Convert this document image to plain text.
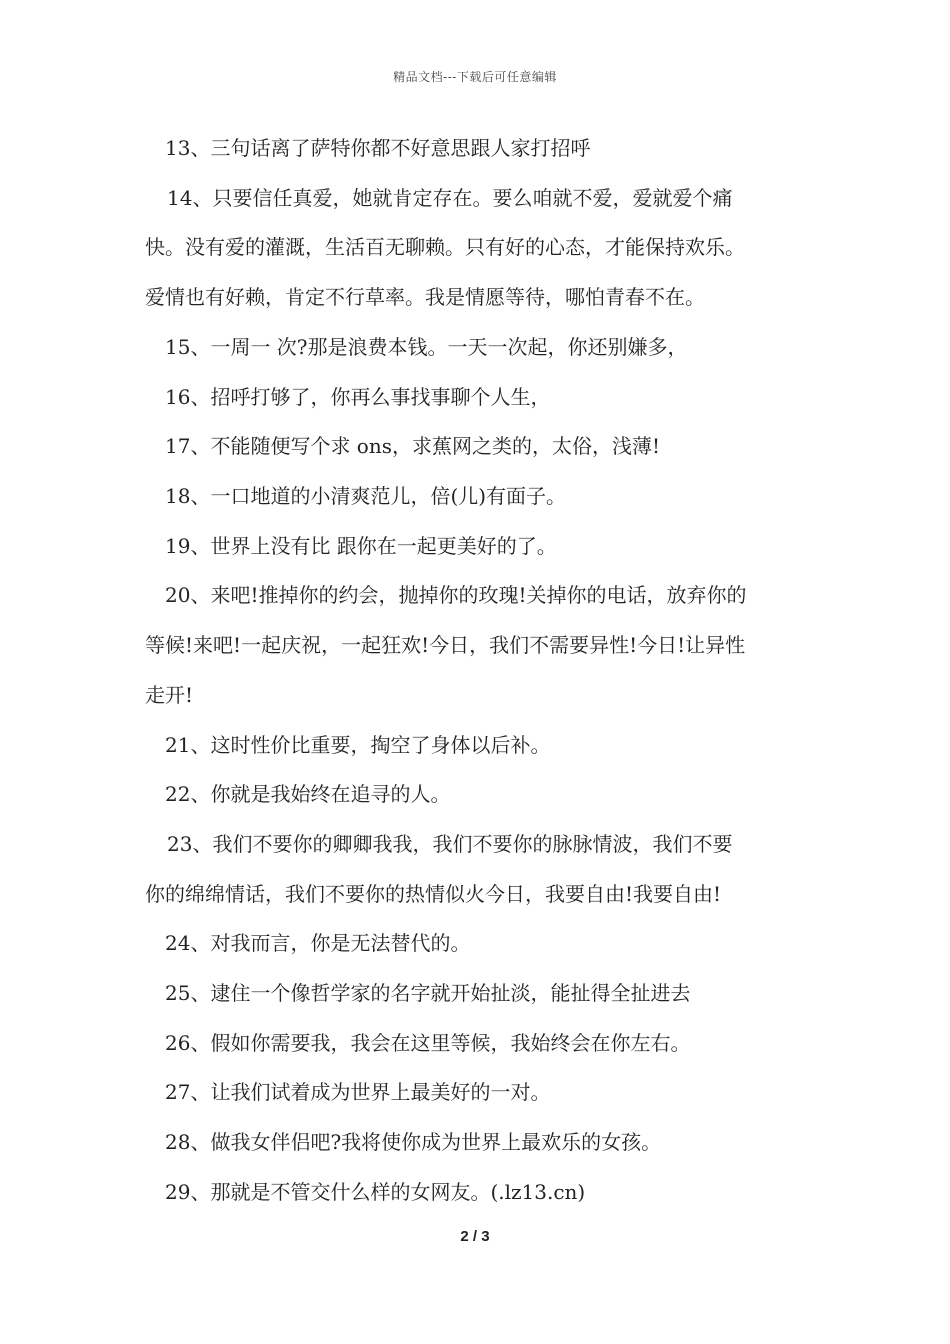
精品文档---下载后可任意编辑
13、三句话离了萨特你都不好意思跟人家打招呼
14、只要信任真爱，她就肯定存在。要么咱就不爱，爱就爱个痛
快。没有爱的灌溉，生活百无聊赖。只有好的心态，才能保持欢乐。
爱情也有好赖，肯定不行草率。我是情愿等待，哪怕青春不在。
15、一周一 次?那是浪费本钱。一天一次起，你还别嫌多，
16、招呼打够了，你再么事找事聊个人生，
17、不能随便写个求 ons，求蕉网之类的，太俗，浅薄!
18、一口地道的小清爽范儿，倍(儿)有面子。
19、世界上没有比 跟你在一起更美好的了。
20、来吧!推掉你的约会，抛掉你的玫瑰!关掉你的电话，放弃你的
等候!来吧!一起庆祝，一起狂欢!今日，我们不需要异性!今日!让异性
走开!
21、这时性价比重要，掏空了身体以后补。
22、你就是我始终在追寻的人。
23、我们不要你的卿卿我我，我们不要你的脉脉情波，我们不要
你的绵绵情话，我们不要你的热情似火今日，我要自由!我要自由!
24、对我而言，你是无法替代的。
25、逮住一个像哲学家的名字就开始扯淡，能扯得全扯进去
26、假如你需要我，我会在这里等候，我始终会在你左右。
27、让我们试着成为世界上最美好的一对。
28、做我女伴侣吧?我将使你成为世界上最欢乐的女孩。
29、那就是不管交什么样的女网友。(.lz13.cn)
2 / 3
